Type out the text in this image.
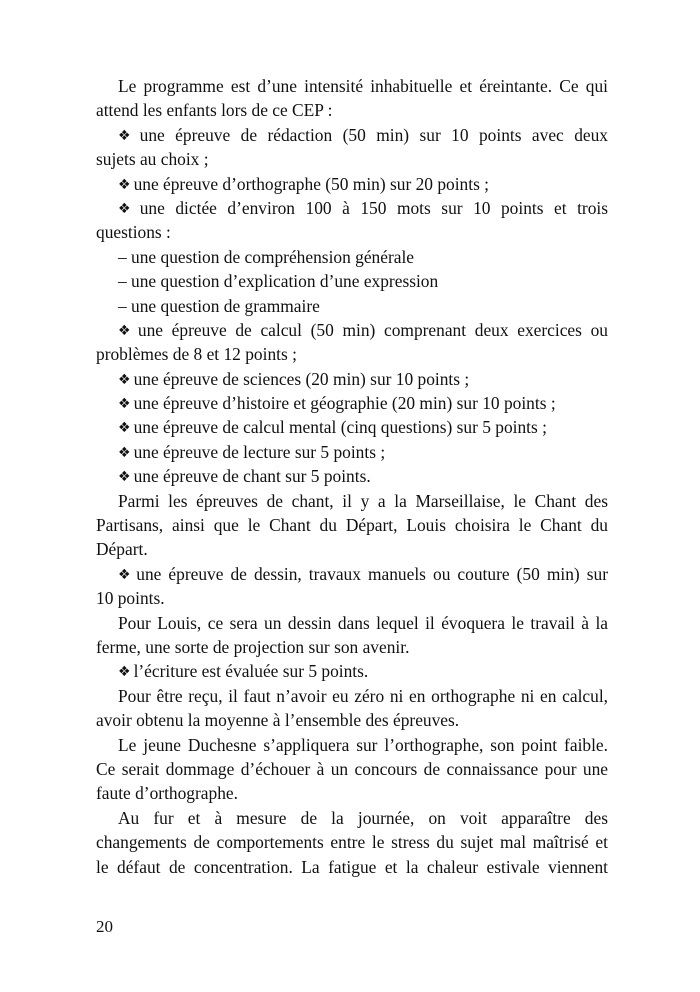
Le programme est d’une intensité inhabituelle et éreintante. Ce qui
attend les enfants lors de ce CEP :
❖ une épreuve de rédaction (50 min) sur 10 points avec deux
sujets au choix ;
❖ une épreuve d’orthographe (50 min) sur 20 points ;
❖ une dictée d’environ 100 à 150 mots sur 10 points et trois
questions :
– une question de compréhension générale
– une question d’explication d’une expression
– une question de grammaire
❖ une épreuve de calcul (50 min) comprenant deux exercices ou
problèmes de 8 et 12 points ;
❖ une épreuve de sciences (20 min) sur 10 points ;
❖ une épreuve d’histoire et géographie (20 min) sur 10 points ;
❖ une épreuve de calcul mental (cinq questions) sur 5 points ;
❖ une épreuve de lecture sur 5 points ;
❖ une épreuve de chant sur 5 points.
Parmi les épreuves de chant, il y a la Marseillaise, le Chant des
Partisans, ainsi que le Chant du Départ, Louis choisira le Chant du
Départ.
❖ une épreuve de dessin, travaux manuels ou couture (50 min) sur
10 points.
Pour Louis, ce sera un dessin dans lequel il évoquera le travail à la
ferme, une sorte de projection sur son avenir.
❖ l’écriture est évaluée sur 5 points.
Pour être reçu, il faut n’avoir eu zéro ni en orthographe ni en calcul,
avoir obtenu la moyenne à l’ensemble des épreuves.
Le jeune Duchesne s’appliquera sur l’orthographe, son point faible.
Ce serait dommage d’échouer à un concours de connaissance pour une
faute d’orthographe.
Au fur et à mesure de la journée, on voit apparaître des
changements de comportements entre le stress du sujet mal maîtrisé et
le défaut de concentration. La fatigue et la chaleur estivale viennent
20
